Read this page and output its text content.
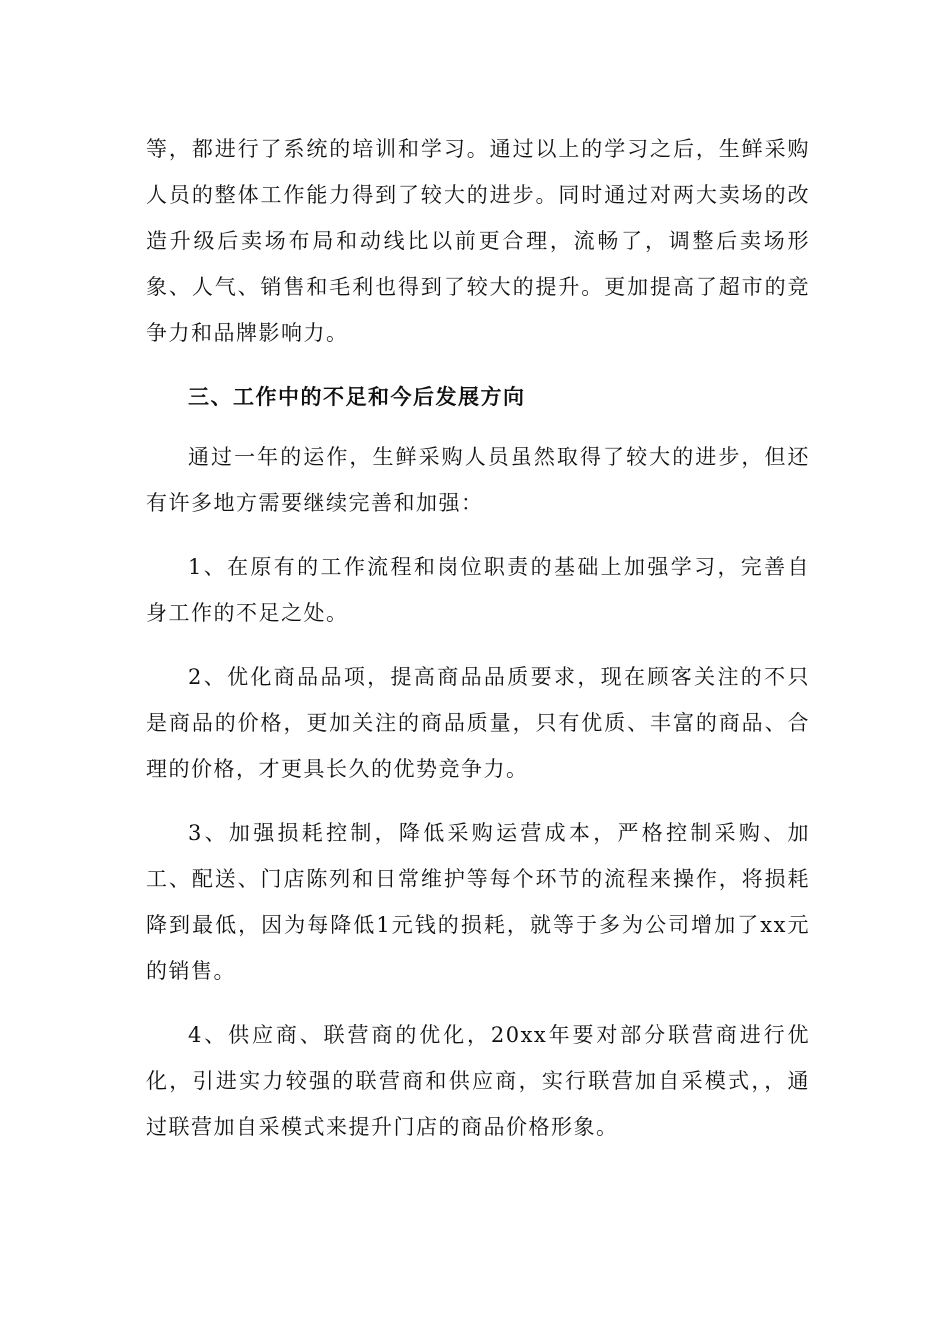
等，都进行了系统的培训和学习。通过以上的学习之后，生鲜采购人员的整体工作能力得到了较大的进步。同时通过对两大卖场的改造升级后卖场布局和动线比以前更合理，流畅了，调整后卖场形象、人气、销售和毛利也得到了较大的提升。更加提高了超市的竞争力和品牌影响力。

三、工作中的不足和今后发展方向

通过一年的运作，生鲜采购人员虽然取得了较大的进步，但还有许多地方需要继续完善和加强：

1、在原有的工作流程和岗位职责的基础上加强学习，完善自身工作的不足之处。

2、优化商品品项，提高商品品质要求，现在顾客关注的不只是商品的价格，更加关注的商品质量，只有优质、丰富的商品、合理的价格，才更具长久的优势竞争力。

3、加强损耗控制，降低采购运营成本，严格控制采购、加工、配送、门店陈列和日常维护等每个环节的流程来操作，将损耗降到最低，因为每降低1元钱的损耗，就等于多为公司增加了xx元的销售。

4、供应商、联营商的优化，20xx年要对部分联营商进行优化，引进实力较强的联营商和供应商，实行联营加自采模式，，通过联营加自采模式来提升门店的商品价格形象。
